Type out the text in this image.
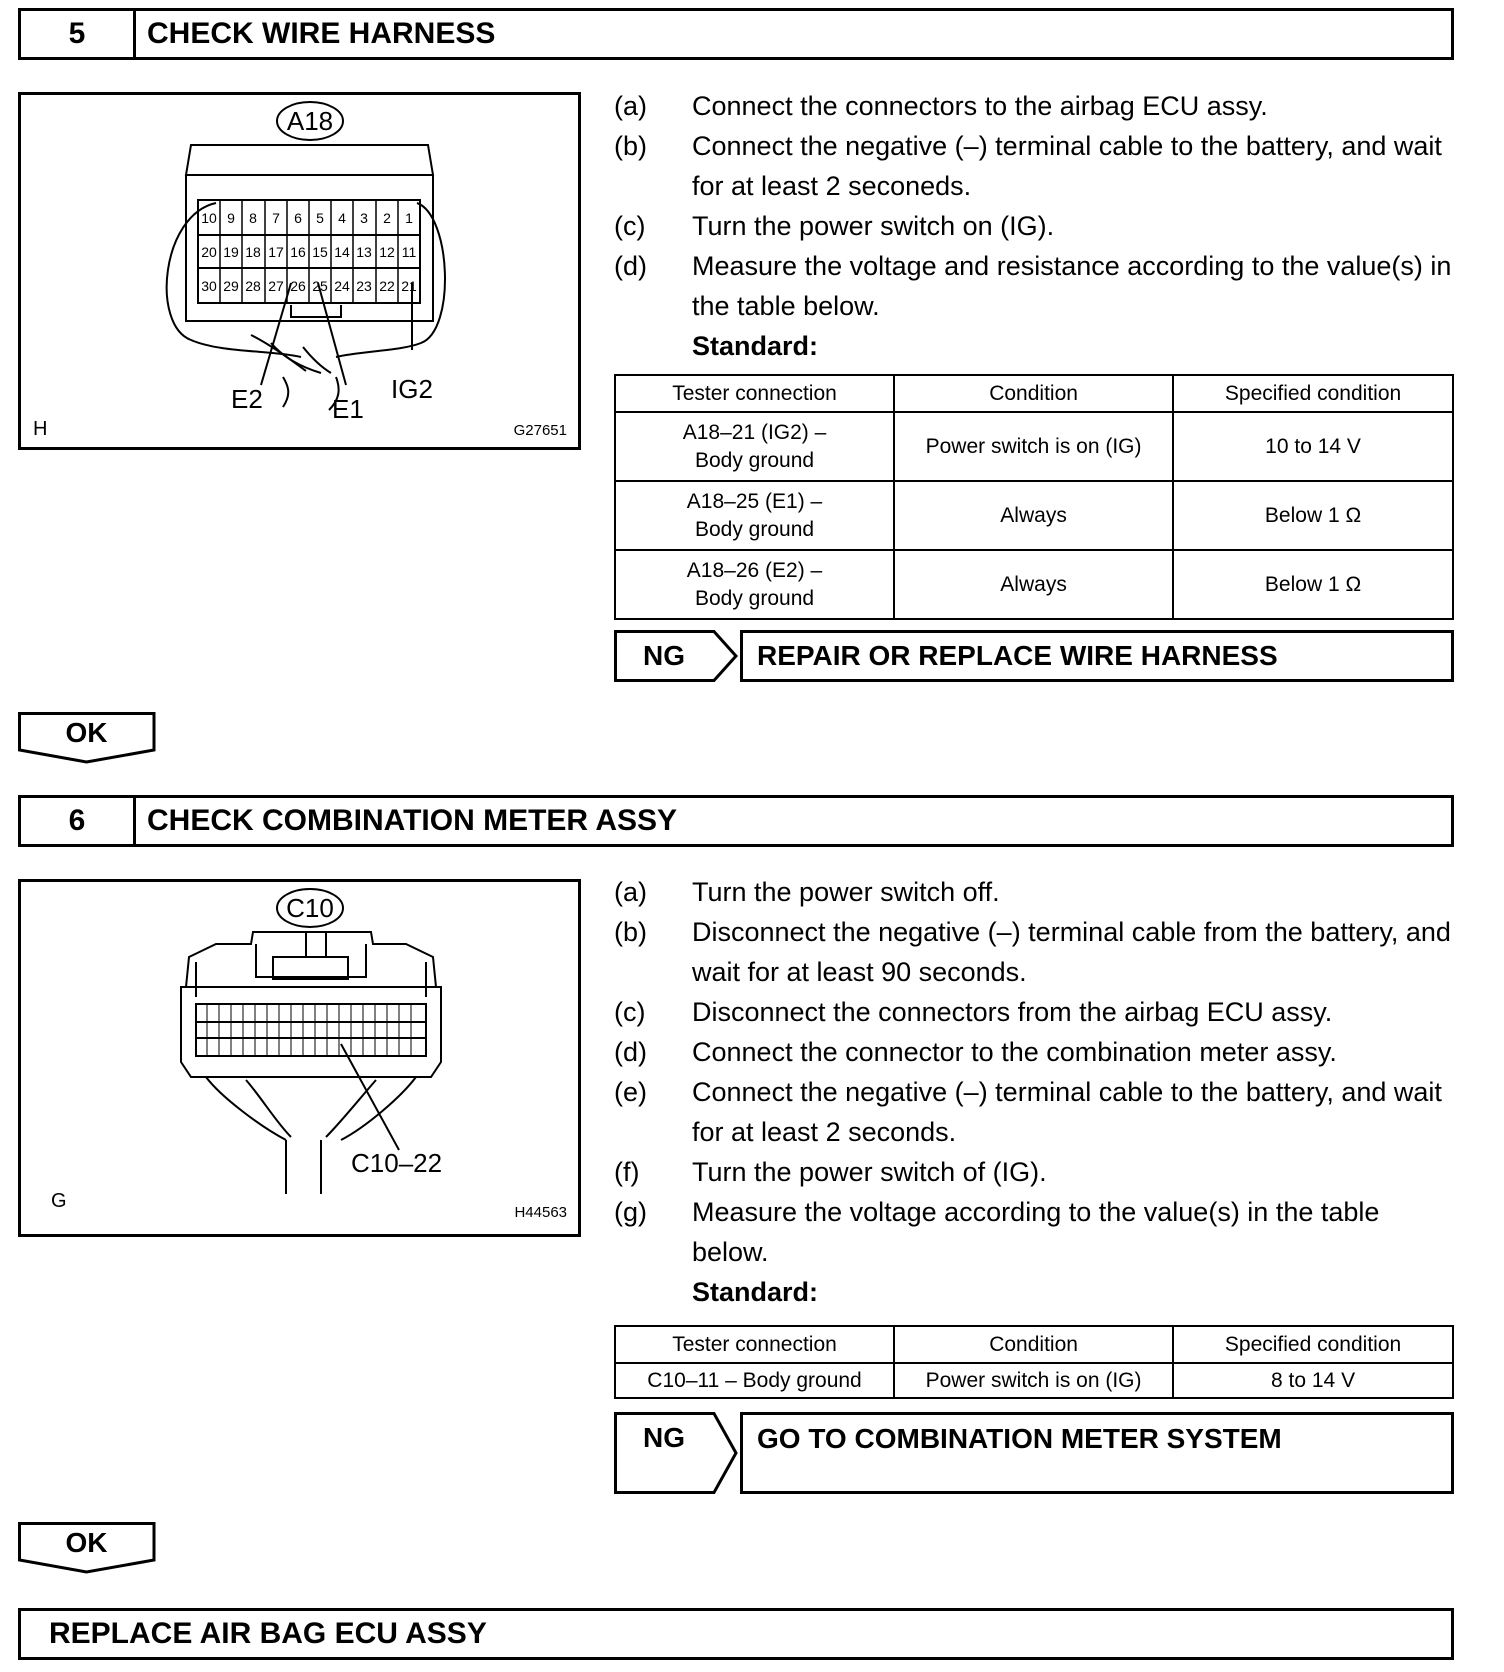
5	CHECK WIRE HARNESS
A18
10 9 8 7 6 5 4 3 2 1
20 19 18 17 16 15 14 13 12 11
30 29 28 27 26 25 24 23 22 21
E2	E1
IG2
H	G27651
(a) Connect the connectors to the airbag ECU assy.
(b) Connect the negative (–) terminal cable to the battery, and wait for at least 2 seconeds.
(c) Turn the power switch on (IG).
(d) Measure the voltage and resistance according to the value(s) in the table below.
Standard:
Tester connection	Condition	Specified condition

A18–21 (IG2) –
Body ground	Power switch is on (IG)	10 to 14 V

A18–25 (E1) –
Body ground	Always	Below 1 Ω

A18–26 (E2) –
Body ground	Always	Below 1 Ω
NG	REPAIR OR REPLACE WIRE HARNESS
OK
6	CHECK COMBINATION METER ASSY
C10
C10–22
G
H44563
(a) Turn the power switch off.
(b) Disconnect the negative (–) terminal cable from the battery, and wait for at least 90 seconds.
(c) Disconnect the connectors from the airbag ECU assy.
(d) Connect the connector to the combination meter assy.
(e) Connect the negative (–) terminal cable to the battery, and wait for at least 2 seconds.
(f) Turn the power switch of (IG).
(g) Measure the voltage according to the value(s) in the table below.
Standard:
Tester connection	Condition	Specified condition
C10–11 – Body ground	Power switch is on (IG)	8 to 14 V
NG	GO TO COMBINATION METER SYSTEM
OK
REPLACE AIR BAG ECU ASSY
